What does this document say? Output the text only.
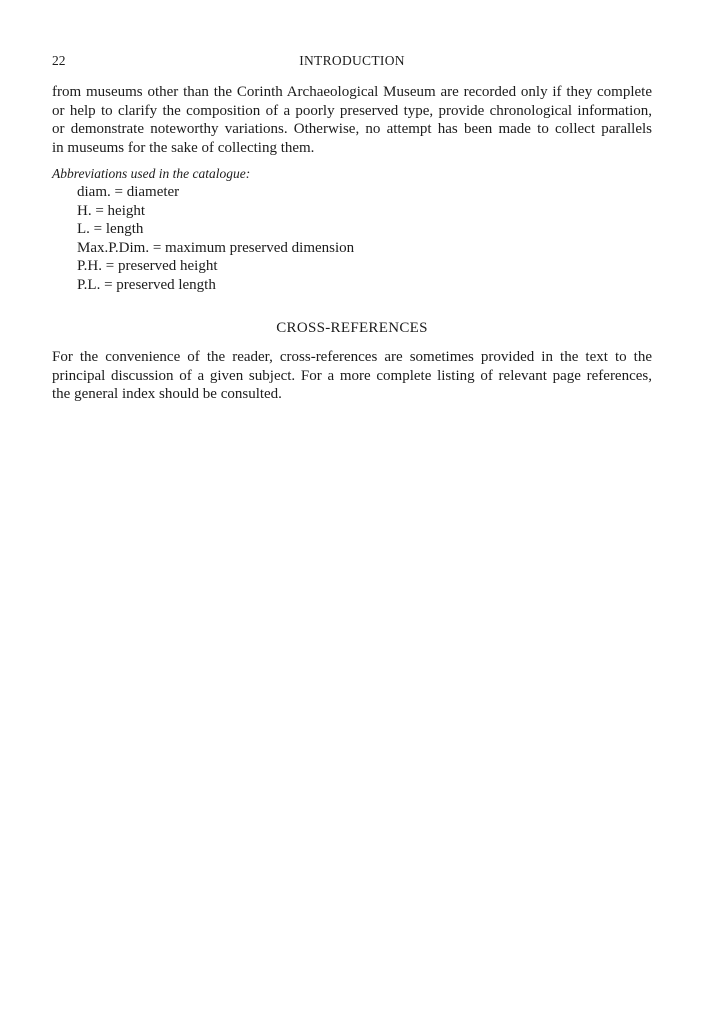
22	INTRODUCTION
from museums other than the Corinth Archaeological Museum are recorded only if they complete
or help to clarify the composition of a poorly preserved type, provide chronological information,
or demonstrate noteworthy variations. Otherwise, no attempt has been made to collect parallels
in museums for the sake of collecting them.
Abbreviations used in the catalogue:
diam. = diameter
H. = height
L. = length
Max.P.Dim. = maximum preserved dimension
P.H. = preserved height
P.L. = preserved length
CROSS-REFERENCES
For the convenience of the reader, cross-references are sometimes provided in the text to the
principal discussion of a given subject. For a more complete listing of relevant page references,
the general index should be consulted.
